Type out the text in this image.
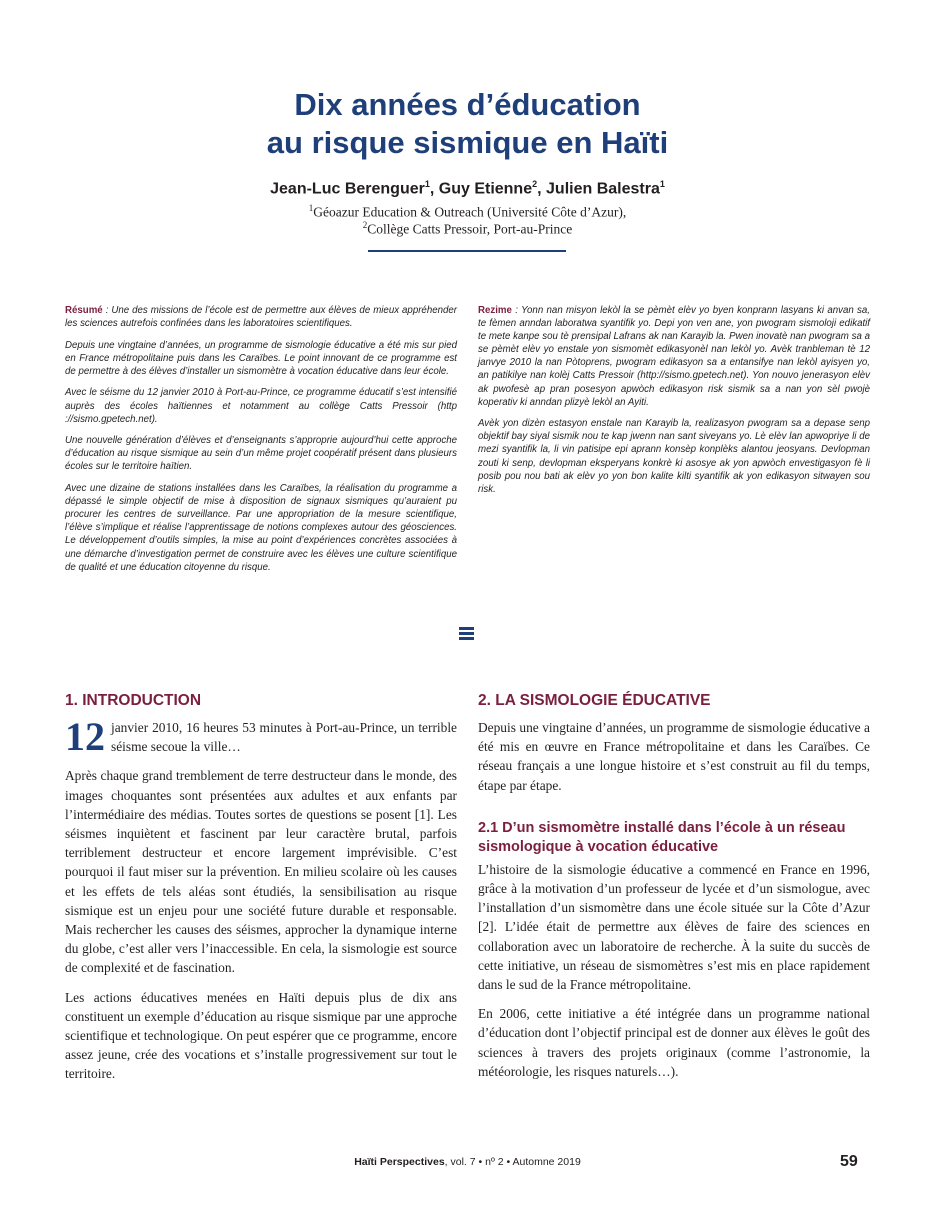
Dix années d’éducation
au risque sismique en Haïti
Jean-Luc Berenguer$^1$, Guy Etienne$^2$, Julien Balestra$^1$
$^1$Géoazur Education & Outreach (Université Côte d’Azur),
$^2$Collège Catts Pressoir, Port-au-Prince

Résumé : Une des missions de l’école est de permettre aux élèves de mieux appréhender les sciences autrefois confinées dans les laboratoires scientifiques.

Depuis une vingtaine d’années, un programme de sismologie éducative a été mis sur pied en France métropolitaine puis dans les Caraïbes. Le point innovant de ce programme est de permettre à des élèves d’installer un sismomètre à vocation éducative dans leur école.

Avec le séisme du 12 janvier 2010 à Port-au-Prince, ce programme éducatif s’est intensifié auprès des écoles haïtiennes et notamment au collège Catts Pressoir (http ://sismo.gpetech.net).

Une nouvelle génération d’élèves et d’enseignants s’approprie aujourd’hui cette approche d’éducation au risque sismique au sein d’un même projet coopératif présent dans plusieurs écoles sur le territoire haïtien.

Avec une dizaine de stations installées dans les Caraïbes, la réalisation du programme a dépassé le simple objectif de mise à disposition de signaux sismiques qu’auraient pu procurer les centres de surveillance. Par une appropriation de la mesure scientifique, l’élève s’implique et réalise l’apprentissage de notions complexes autour des géosciences. Le développement d’outils simples, la mise au point d’expériences concrètes associées à une démarche d’investigation permet de construire avec les élèves une culture scientifique de qualité et une éducation citoyenne du risque.

Rezime : Yonn nan misyon lekòl la se pèmèt elèv yo byen konprann lasyans ki anvan sa, te fèmen anndan laboratwa syantifik yo. Depi yon ven ane, yon pwogram sismoloji edikatif te mete kanpe sou tè prensipal Lafrans ak nan Karayib la. Pwen inovatè nan pwogram sa a se pèmèt elèv yo enstale yon sismomèt edikasyonèl nan lekòl yo. Avèk tranbleman tè 12 janvye 2010 la nan Pòtoprens, pwogram edikasyon sa a entansifye nan lekòl ayisyen yo, an patikilye nan kolèj Catts Pressoir (http://sismo.gpetech.net). Yon nouvo jenerasyon elèv ak pwofesè ap pran posesyon apwòch edikasyon risk sismik sa a nan yon sèl pwojè koperativ ki anndan plizyè lekòl an Ayiti.

Avèk yon dizèn estasyon enstale nan Karayib la, realizasyon pwogram sa a depase senp objektif bay siyal sismik nou te kap jwenn nan sant siveyans yo. Lè elèv lan apwopriye li de mezi syantifik la, li vin patisipe epi aprann konsèp konplèks alantou jeosyans. Devlopman zouti ki senp, devlopman eksperyans konkrè ki asosye ak yon apwòch envestigasyon fè li posib pou nou bati ak elèv yo yon bon kalite kilti syantifik ak yon edikasyon sitwayen sou risk.

1. INTRODUCTION

12 janvier 2010, 16 heures 53 minutes à Port-au-Prince, un terrible séisme secoue la ville…

Après chaque grand tremblement de terre destructeur dans le monde, des images choquantes sont présentées aux adultes et aux enfants par l’intermédiaire des médias. Toutes sortes de questions se posent [1]. Les séismes inquiètent et fascinent par leur caractère brutal, parfois terriblement destructeur et encore largement imprévisible. C’est pourquoi il faut miser sur la prévention. En milieu scolaire où les causes et les effets de tels aléas sont étudiés, la sensibilisation au risque sismique est un enjeu pour une société future durable et responsable. Mais rechercher les causes des séismes, approcher la dynamique interne du globe, c’est aller vers l’inaccessible. En cela, la sismologie est source de complexité et de fascination.

Les actions éducatives menées en Haïti depuis plus de dix ans constituent un exemple d’éducation au risque sismique par une approche scientifique et technologique. On peut espérer que ce programme, encore assez jeune, crée des vocations et s’installe progressivement sur tout le territoire.

2. LA SISMOLOGIE ÉDUCATIVE

Depuis une vingtaine d’années, un programme de sismologie éducative a été mis en œuvre en France métropolitaine et dans les Caraïbes. Ce réseau français a une longue histoire et s’est construit au fil du temps, étape par étape.

2.1 D’un sismomètre installé dans l’école à un réseau sismologique à vocation éducative

L’histoire de la sismologie éducative a commencé en France en 1996, grâce à la motivation d’un professeur de lycée et d’un sismologue, avec l’installation d’un sismomètre dans une école située sur la Côte d’Azur [2]. L’idée était de permettre aux élèves de faire des sciences en collaboration avec un laboratoire de recherche. À la suite du succès de cette initiative, un réseau de sismomètres s’est mis en place rapidement dans le sud de la France métropolitaine.

En 2006, cette initiative a été intégrée dans un programme national d’éducation dont l’objectif principal est de donner aux élèves le goût des sciences à travers des projets originaux (comme l’astronomie, la météorologie, les risques naturels…).

Haïti Perspectives, vol. 7 • nº 2 • Automne 2019	59
